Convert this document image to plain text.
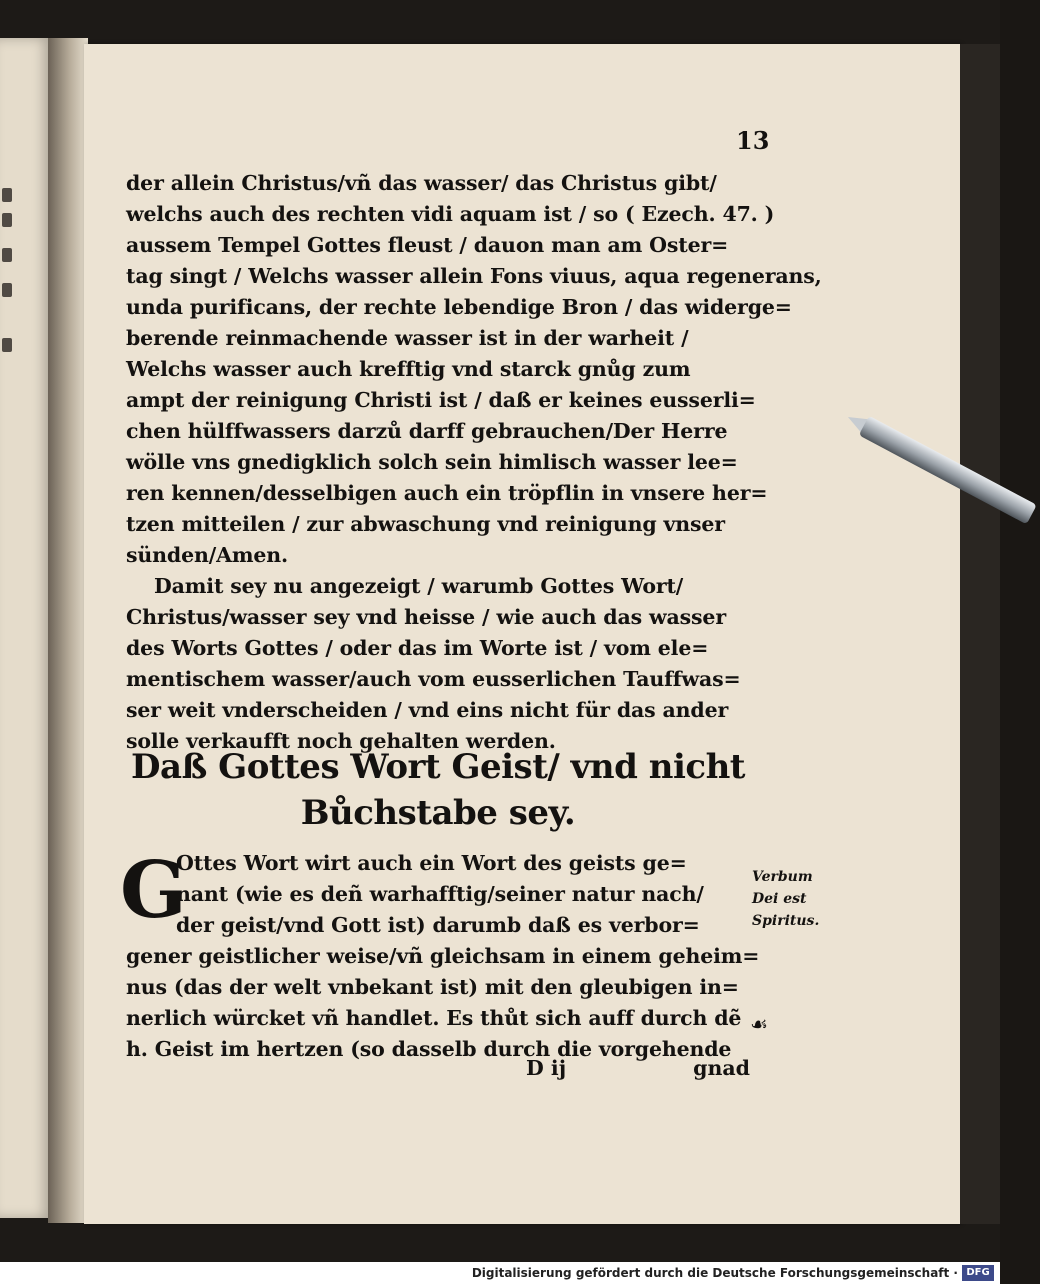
13
der allein Christus/vñ das wasser/ das Christus gibt/
welchs auch des rechten vidi aquam ist / so ( Ezech. 47. )
aussem Tempel Gottes fleust / dauon man am Oster=
tag singt / Welchs wasser allein Fons viuus, aqua regenerans,
unda purificans, der rechte lebendige Bron / das widerge=
berende reinmachende wasser ist in der warheit /
Welchs wasser auch krefftig vnd starck gnůg zum
ampt der reinigung Christi ist / daß er keines eusserli=
chen hülffwassers darzů darff gebrauchen/Der Herre
wölle vns gnedigklich solch sein himlisch wasser lee=
ren kennen/desselbigen auch ein tröpflin in vnsere her=
tzen mitteilen / zur abwaschung vnd reinigung vnser
sünden/Amen.
Damit sey nu angezeigt / warumb Gottes Wort/
Christus/wasser sey vnd heisse / wie auch das wasser
des Worts Gottes / oder das im Worte ist / vom ele=
mentischem wasser/auch vom eusserlichen Tauffwas=
ser weit vnderscheiden / vnd eins nicht für das ander
solle verkaufft noch gehalten werden.
Daß Gottes Wort Geist/ vnd nicht
Bůchstabe sey.
G
Ottes Wort wirt auch ein Wort des geists ge=
nant (wie es deñ warhafftig/seiner natur nach/
der geist/vnd Gott ist) darumb daß es verbor=
gener geistlicher weise/vñ gleichsam in einem geheim=
nus (das der welt vnbekant ist) mit den gleubigen in=
nerlich würcket vñ handlet. Es thůt sich auff durch dẽ
h. Geist im hertzen (so dasselb durch die vorgehende
D ij	gnad
Verbum Dei est
Spiritus.
☙
Digitalisierung gefördert durch die Deutsche Forschungsgemeinschaft · DFG
